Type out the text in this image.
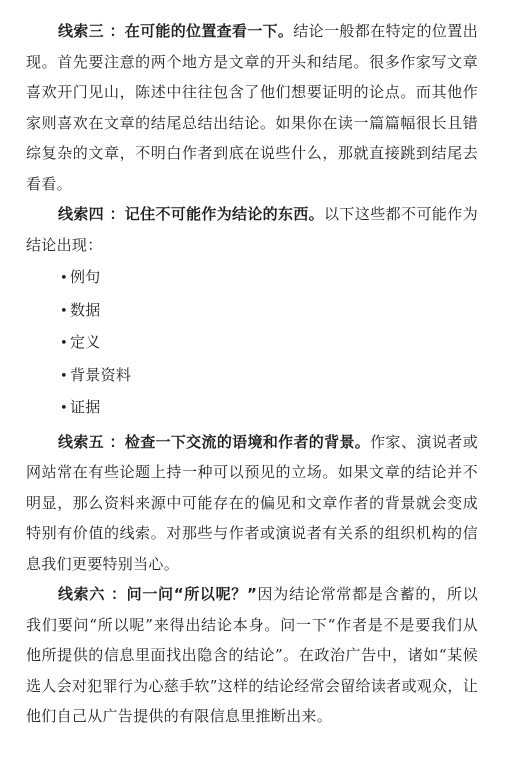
线索三 ：在可能的位置查看一下。结论一般都在特定的位置出现。首先要注意的两个地方是文章的开头和结尾。很多作家写文章喜欢开门见山，陈述中往往包含了他们想要证明的论点。而其他作家则喜欢在文章的结尾总结出结论。如果你在读一篇篇幅很长且错综复杂的文章，不明白作者到底在说些什么，那就直接跳到结尾去看看。

线索四 ：记住不可能作为结论的东西。以下这些都不可能作为结论出现：

• 例句
• 数据
• 定义
• 背景资料
• 证据

线索五 ：检查一下交流的语境和作者的背景。作家、演说者或网站常在有些论题上持一种可以预见的立场。如果文章的结论并不明显，那么资料来源中可能存在的偏见和文章作者的背景就会变成特别有价值的线索。对那些与作者或演说者有关系的组织机构的信息我们更要特别当心。

线索六 ：问一问“所以呢？”因为结论常常都是含蓄的，所以我们要问“所以呢”来得出结论本身。问一下“作者是不是要我们从他所提供的信息里面找出隐含的结论”。在政治广告中，诸如“某候选人会对犯罪行为心慈手软”这样的结论经常会留给读者或观众，让他们自己从广告提供的有限信息里推断出来。
